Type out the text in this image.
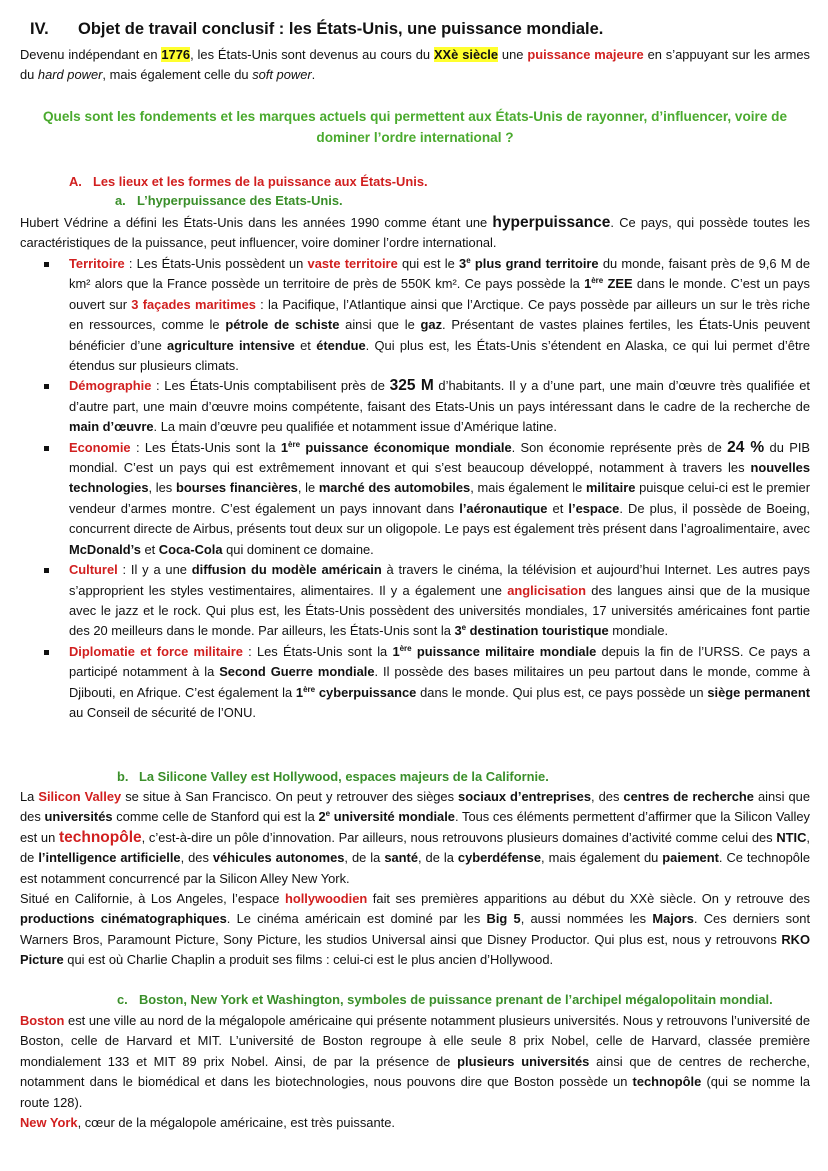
IV. Objet de travail conclusif : les États-Unis, une puissance mondiale.

Devenu indépendant en 1776, les États-Unis sont devenus au cours du XXè siècle une puissance majeure en s’appuyant sur les armes du hard power, mais également celle du soft power.

Quels sont les fondements et les marques actuels qui permettent aux États-Unis de rayonner, d’influencer, voire de dominer l’ordre international ?

A. Les lieux et les formes de la puissance aux États-Unis.
a. L’hyperpuissance des Etats-Unis.

Hubert Védrine a défini les États-Unis dans les années 1990 comme étant une hyperpuissance. Ce pays, qui possède toutes les caractéristiques de la puissance, peut influencer, voire dominer l’ordre international.

Territoire : Les États-Unis possèdent un vaste territoire qui est le 3e plus grand territoire du monde, faisant près de 9,6 M de km² alors que la France possède un territoire de près de 550K km². Ce pays possède la 1ère ZEE dans le monde. C’est un pays ouvert sur 3 façades maritimes : la Pacifique, l’Atlantique ainsi que l’Arctique. Ce pays possède par ailleurs un sur le très riche en ressources, comme le pétrole de schiste ainsi que le gaz. Présentant de vastes plaines fertiles, les États-Unis peuvent bénéficier d’une agriculture intensive et étendue. Qui plus est, les États-Unis s’étendent en Alaska, ce qui lui permet d’être étendus sur plusieurs climats.

Démographie : Les États-Unis comptabilisent près de 325 M d’habitants. Il y a d’une part, une main d’œuvre très qualifiée et d’autre part, une main d’œuvre moins compétente, faisant des Etats-Unis un pays intéressant dans le cadre de la recherche de main d’œuvre. La main d’œuvre peu qualifiée et notamment issue d’Amérique latine.

Economie : Les États-Unis sont la 1ère puissance économique mondiale. Son économie représente près de 24 % du PIB mondial. C’est un pays qui est extrêmement innovant et qui s’est beaucoup développé, notamment à travers les nouvelles technologies, les bourses financières, le marché des automobiles, mais également le militaire puisque celui-ci est le premier vendeur d’armes montre. C’est également un pays innovant dans l’aéronautique et l’espace. De plus, il possède de Boeing, concurrent directe de Airbus, présents tout deux sur un oligopole. Le pays est également très présent dans l’agroalimentaire, avec McDonald’s et Coca-Cola qui dominent ce domaine.

Culturel : Il y a une diffusion du modèle américain à travers le cinéma, la télévision et aujourd’hui Internet. Les autres pays s’approprient les styles vestimentaires, alimentaires. Il y a également une anglicisation des langues ainsi que de la musique avec le jazz et le rock. Qui plus est, les États-Unis possèdent des universités mondiales, 17 universités américaines font partie des 20 meilleurs dans le monde. Par ailleurs, les États-Unis sont la 3e destination touristique mondiale.

Diplomatie et force militaire : Les États-Unis sont la 1ère puissance militaire mondiale depuis la fin de l’URSS. Ce pays a participé notamment à la Second Guerre mondiale. Il possède des bases militaires un peu partout dans le monde, comme à Djibouti, en Afrique. C’est également la 1ère cyberpuissance dans le monde. Qui plus est, ce pays possède un siège permanent au Conseil de sécurité de l’ONU.

b. La Silicone Valley est Hollywood, espaces majeurs de la Californie.

La Silicon Valley se situe à San Francisco. On peut y retrouver des sièges sociaux d’entreprises, des centres de recherche ainsi que des universités comme celle de Stanford qui est la 2e université mondiale. Tous ces éléments permettent d’affirmer que la Silicon Valley est un technopôle, c’est-à-dire un pôle d’innovation. Par ailleurs, nous retrouvons plusieurs domaines d’activité comme celui des NTIC, de l’intelligence artificielle, des véhicules autonomes, de la santé, de la cyberdéfense, mais également du paiement. Ce technopôle est notamment concurrencé par la Silicon Alley New York.

Situé en Californie, à Los Angeles, l’espace hollywoodien fait ses premières apparitions au début du XXè siècle. On y retrouve des productions cinématographiques. Le cinéma américain est dominé par les Big 5, aussi nommées les Majors. Ces derniers sont Warners Bros, Paramount Picture, Sony Picture, les studios Universal ainsi que Disney Productor. Qui plus est, nous y retrouvons RKO Picture qui est où Charlie Chaplin a produit ses films : celui-ci est le plus ancien d’Hollywood.

c. Boston, New York et Washington, symboles de puissance prenant de l’archipel mégalopolitain mondial.

Boston est une ville au nord de la mégalopole américaine qui présente notamment plusieurs universités. Nous y retrouvons l’université de Boston, celle de Harvard et MIT. L’université de Boston regroupe à elle seule 8 prix Nobel, celle de Harvard, classée première mondialement 133 et MIT 89 prix Nobel. Ainsi, de par la présence de plusieurs universités ainsi que de centres de recherche, notamment dans le biomédical et dans les biotechnologies, nous pouvons dire que Boston possède un technopôle (qui se nomme la route 128).

New York, cœur de la mégalopole américaine, est très puissante.
